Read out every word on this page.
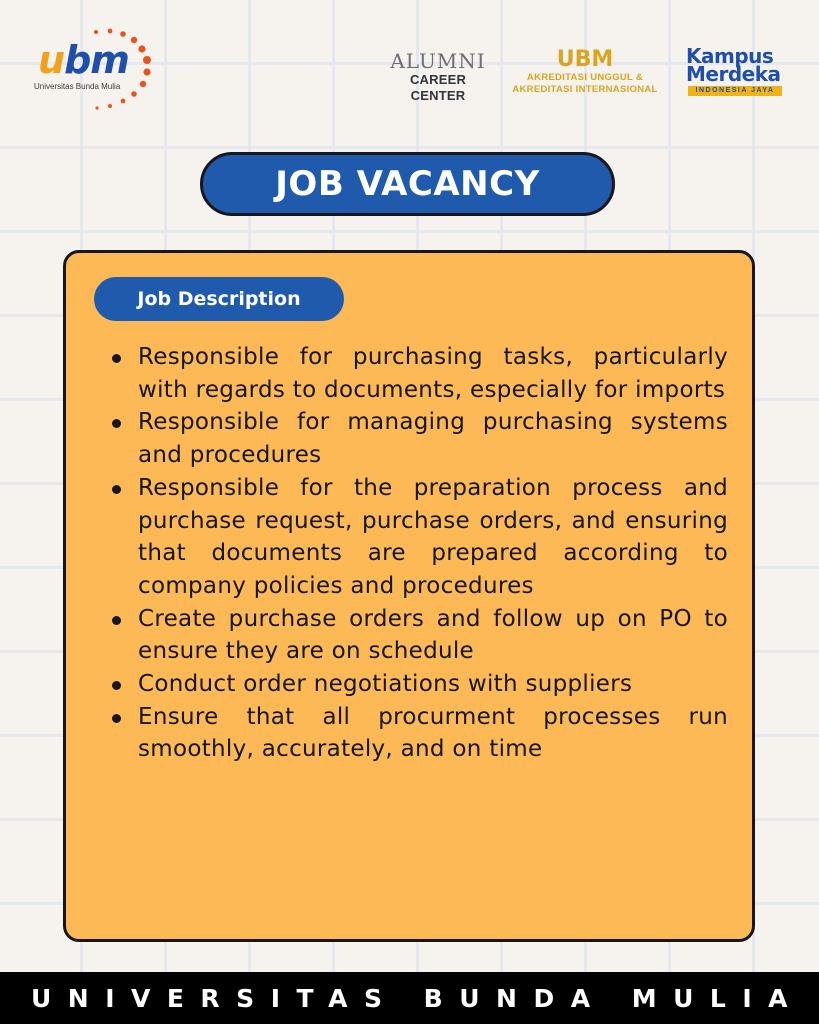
ubm
Universitas Bunda Mulia
ALUMNI
CAREER CENTER
UBM
AKREDITASI UNGGUL &
AKREDITASI INTERNASIONAL
Kampus
Merdeka
INDONESIA JAYA
JOB VACANCY
Job Description
Responsible for purchasing tasks, particularly with regards to documents, especially for imports
Responsible for managing purchasing systems and procedures
Responsible for the preparation process and purchase request, purchase orders, and ensuring that documents are prepared according to company policies and procedures
Create purchase orders and follow up on PO to ensure they are on schedule
Conduct order negotiations with suppliers
Ensure that all procurment processes run smoothly, accurately, and on time
UNIVERSITAS BUNDA MULIA
